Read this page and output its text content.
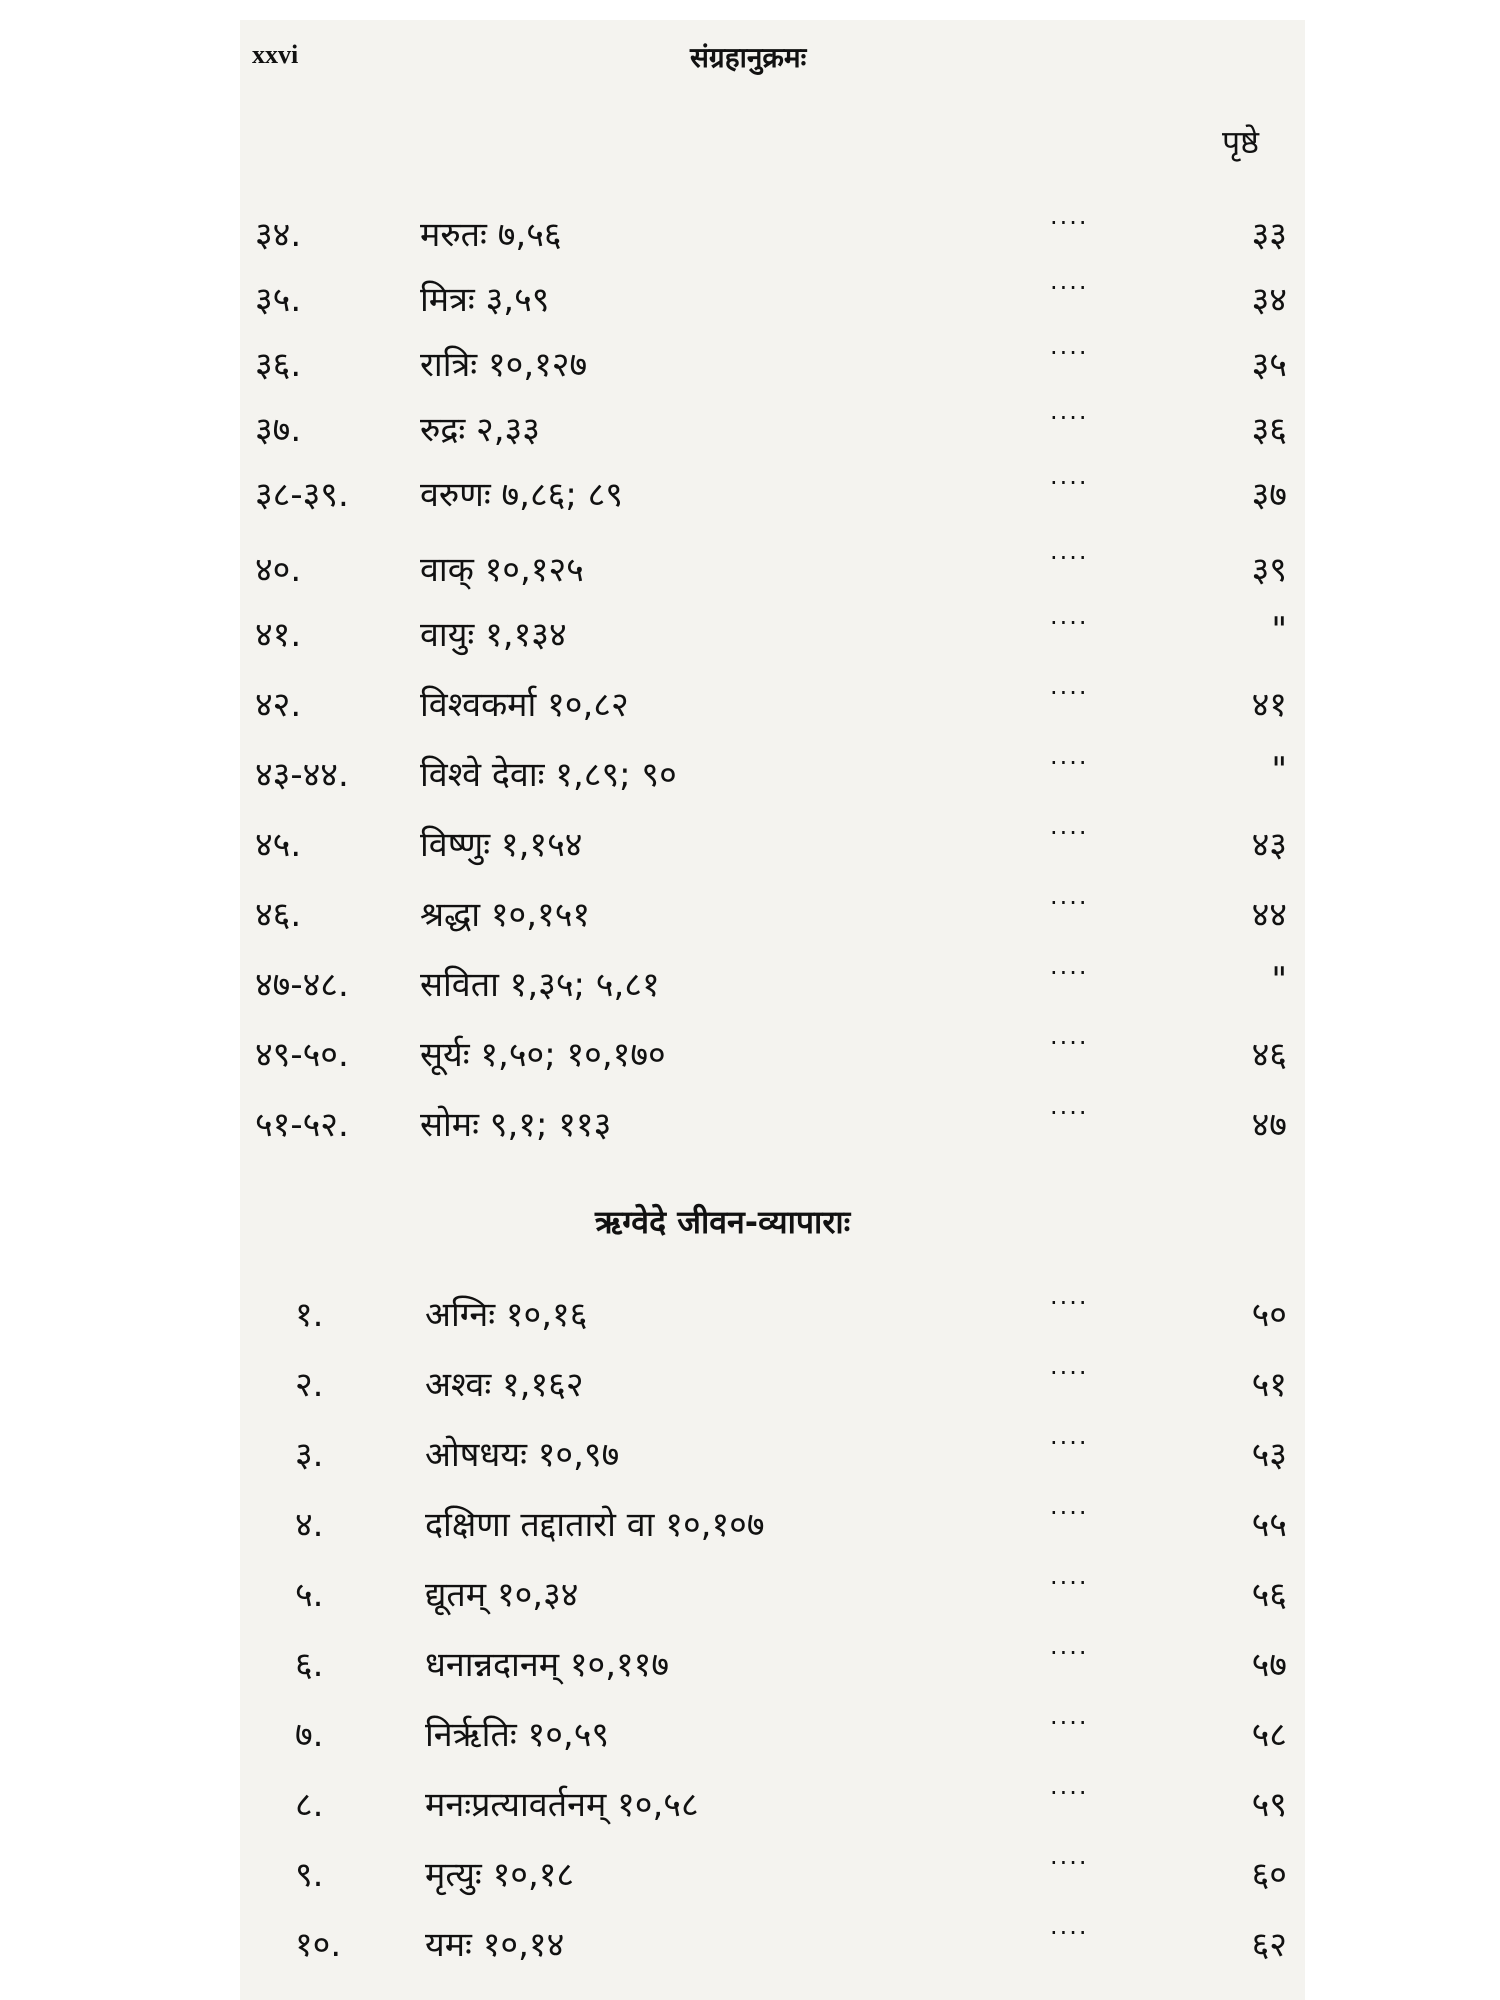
xxvi	संग्रहानुक्रमः
पृष्ठे
३४.	मरुतः ७,५६	....	३३
३५.	मित्रः ३,५९	....	३४
३६.	रात्रिः १०,१२७	....	३५
३७.	रुद्रः २,३३	....	३६
३८-३९. वरुणः ७,८६; ८९	....	३७
४०.	वाक् १०,१२५	....	३९
४१.	वायुः १,१३४	....	"
४२.	विश्वकर्मा १०,८२	....	४१
४३-४४. विश्वे देवाः १,८९; ९०	....	"
४५.	विष्णुः १,१५४	....	४३
४६.	श्रद्धा १०,१५१	....	४४
४७-४८. सविता १,३५; ५,८१	....	"
४९-५०. सूर्यः १,५०; १०,१७०	....	४६
५१-५२. सोमः ९,१; ११३	....	४७
ऋग्वेदे जीवन-व्यापाराः
१.	अग्निः १०,१६	....	५०
२.	अश्वः १,१६२	....	५१
३.	ओषधयः १०,९७	....	५३
४.	दक्षिणा तद्दातारो वा १०,१०७	....	५५
५.	द्यूतम् १०,३४	....	५६
६.	धनान्नदानम् १०,११७	....	५७
७.	निर्ऋतिः १०,५९	....	५८
८.	मनःप्रत्यावर्तनम् १०,५८	....	५९
९.	मृत्युः १०,१८	....	६०
१०. यमः १०,१४	....	६२
